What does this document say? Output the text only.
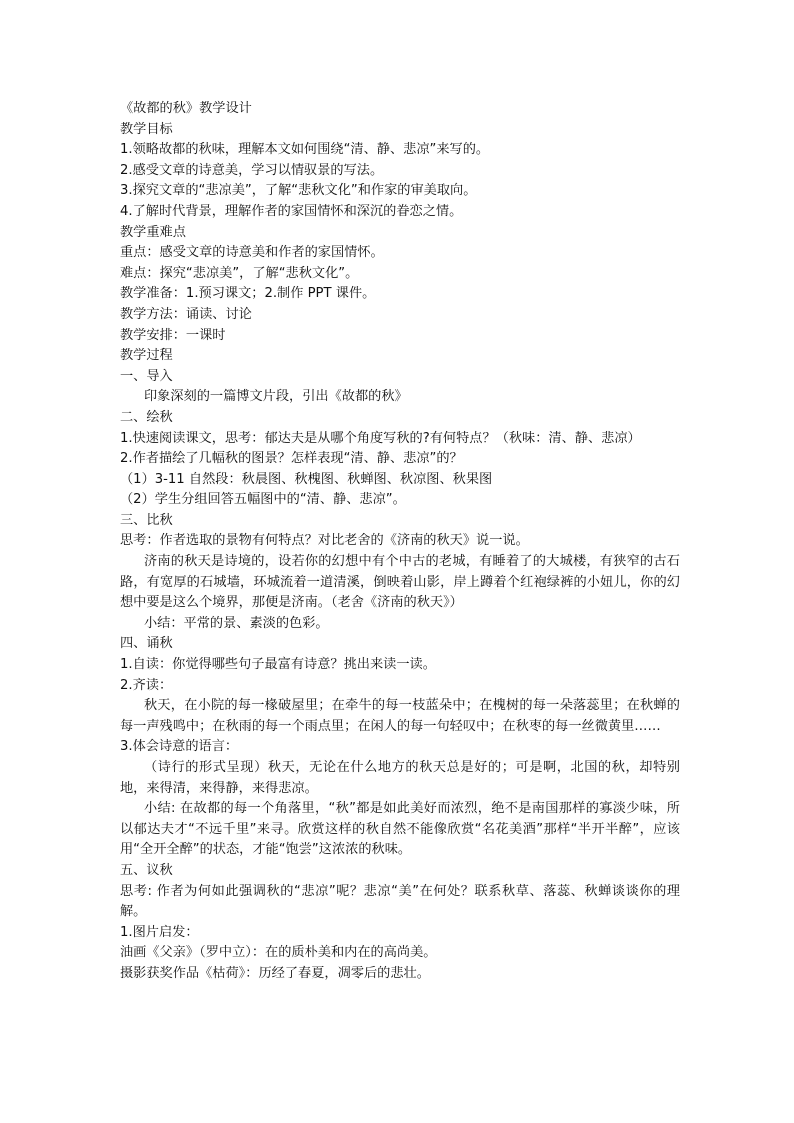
《故都的秋》教学设计
教学目标
1.领略故都的秋味，理解本文如何围绕“清、静、悲凉”来写的。
2.感受文章的诗意美，学习以情驭景的写法。
3.探究文章的“悲凉美”，了解“悲秋文化”和作家的审美取向。
4.了解时代背景，理解作者的家国情怀和深沉的眷恋之情。
教学重难点
重点：感受文章的诗意美和作者的家国情怀。
难点：探究“悲凉美”，了解“悲秋文化”。
教学准备：1.预习课文；2.制作 PPT 课件。
教学方法：诵读、讨论
教学安排：一课时
教学过程
一、导入
印象深刻的一篇博文片段，引出《故都的秋》
二、绘秋
1.快速阅读课文，思考：郁达夫是从哪个角度写秋的?有何特点？（秋味：清、静、悲凉）
2.作者描绘了几幅秋的图景？怎样表现“清、静、悲凉”的？
（1）3-11 自然段：秋晨图、秋槐图、秋蝉图、秋凉图、秋果图
（2）学生分组回答五幅图中的“清、静、悲凉”。
三、比秋
思考：作者选取的景物有何特点？对比老舍的《济南的秋天》说一说。
济南的秋天是诗境的，设若你的幻想中有个中古的老城，有睡着了的大城楼，有狭窄的古石路，有宽厚的石城墙，环城流着一道清溪，倒映着山影，岸上蹲着个红袍绿裤的小妞儿，你的幻想中要是这么个境界，那便是济南。（老舍《济南的秋天》）
小结：平常的景、素淡的色彩。
四、诵秋
1.自读：你觉得哪些句子最富有诗意？挑出来读一读。
2.齐读：
秋天，在小院的每一椽破屋里；在牵牛的每一枝蓝朵中；在槐树的每一朵落蕊里；在秋蝉的每一声残鸣中；在秋雨的每一个雨点里；在闲人的每一句轻叹中；在秋枣的每一丝微黄里……
3.体会诗意的语言：
（诗行的形式呈现）秋天，无论在什么地方的秋天总是好的；可是啊，北国的秋，却特别地，来得清，来得静，来得悲凉。
小结: 在故都的每一个角落里，“秋”都是如此美好而浓烈，绝不是南国那样的寡淡少味，所以郁达夫才“不远千里”来寻。欣赏这样的秋自然不能像欣赏“名花美酒”那样“半开半醉”，应该用“全开全醉”的状态，才能“饱尝”这浓浓的秋味。
五、议秋
思考: 作者为何如此强调秋的“悲凉”呢？悲凉“美”在何处？联系秋草、落蕊、秋蝉谈谈你的理解。
1.图片启发：
油画《父亲》（罗中立）：在的质朴美和内在的高尚美。
摄影获奖作品《枯荷》：历经了春夏，凋零后的悲壮。
